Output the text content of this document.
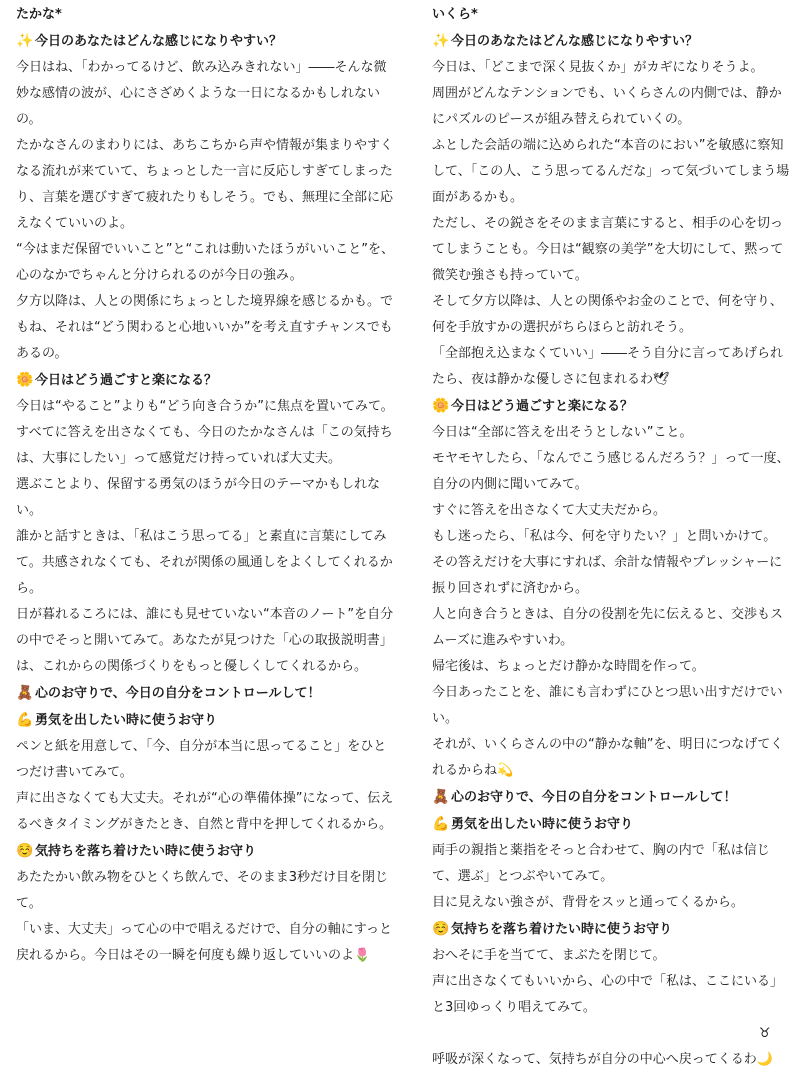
たかな*

✨ 今日のあなたはどんな感じになりやすい？

今日はね、「わかってるけど、飲み込みきれない」――そんな微妙な感情の波が、心にさざめくような一日になるかもしれないの。

たかなさんのまわりには、あちこちから声や情報が集まりやすくなる流れが来ていて、ちょっとした一言に反応しすぎてしまったり、言葉を選びすぎて疲れたりもしそう。でも、無理に全部に応えなくていいのよ。

“今はまだ保留でいいこと”と“これは動いたほうがいいこと”を、心のなかでちゃんと分けられるのが今日の強み。

夕方以降は、人との関係にちょっとした境界線を感じるかも。でもね、それは“どう関わると心地いいか”を考え直すチャンスでもあるの。

🌼 今日はどう過ごすと楽になる？

今日は“やること”よりも“どう向き合うか”に焦点を置いてみて。

すべてに答えを出さなくても、今日のたかなさんは「この気持ちは、大事にしたい」って感覚だけ持っていれば大丈夫。

選ぶことより、保留する勇気のほうが今日のテーマかもしれない。

誰かと話すときは、「私はこう思ってる」と素直に言葉にしてみて。共感されなくても、それが関係の風通しをよくしてくれるから。

日が暮れるころには、誰にも見せていない“本音のノート”を自分の中でそっと開いてみて。あなたが見つけた「心の取扱説明書」は、これからの関係づくりをもっと優しくしてくれるから。

🧸 心のお守りで、今日の自分をコントロールして！

💪 勇気を出したい時に使うお守り

ペンと紙を用意して、「今、自分が本当に思ってること」をひとつだけ書いてみて。

声に出さなくても大丈夫。それが“心の準備体操”になって、伝えるべきタイミングがきたとき、自然と背中を押してくれるから。

☺️ 気持ちを落ち着けたい時に使うお守り

あたたかい飲み物をひとくち飲んで、そのまま3秒だけ目を閉じて。

「いま、大丈夫」って心の中で唱えるだけで、自分の軸にすっと戻れるから。今日はその一瞬を何度も繰り返していいのよ🌷

いくら*

✨ 今日のあなたはどんな感じになりやすい？

今日は、「どこまで深く見抜くか」がカギになりそうよ。

周囲がどんなテンションでも、いくらさんの内側では、静かにパズルのピースが組み替えられていくの。

ふとした会話の端に込められた“本音のにおい”を敏感に察知して、「この人、こう思ってるんだな」って気づいてしまう場面があるかも。

ただし、その鋭さをそのまま言葉にすると、相手の心を切ってしまうことも。今日は“観察の美学”を大切にして、黙って微笑む強さも持っていて。

そして夕方以降は、人との関係やお金のことで、何を守り、何を手放すかの選択がちらほらと訪れそう。

「全部抱え込まなくていい」――そう自分に言ってあげられたら、夜は静かな優しさに包まれるわ🕊

🌼 今日はどう過ごすと楽になる？

今日は“全部に答えを出そうとしない”こと。

モヤモヤしたら、「なんでこう感じるんだろう？」って一度、自分の内側に聞いてみて。

すぐに答えを出さなくて大丈夫だから。

もし迷ったら、「私は今、何を守りたい？」と問いかけて。

その答えだけを大事にすれば、余計な情報やプレッシャーに振り回されずに済むから。

人と向き合うときは、自分の役割を先に伝えると、交渉もスムーズに進みやすいわ。

帰宅後は、ちょっとだけ静かな時間を作って。

今日あったことを、誰にも言わずにひとつ思い出すだけでいい。

それが、いくらさんの中の“静かな軸”を、明日につなげてくれるからね💫

🧸 心のお守りで、今日の自分をコントロールして！

💪 勇気を出したい時に使うお守り

両手の親指と薬指をそっと合わせて、胸の内で「私は信じて、選ぶ」とつぶやいてみて。

目に見えない強さが、背骨をスッと通ってくるから。

☺️ 気持ちを落ち着けたい時に使うお守り

おへそに手を当てて、まぶたを閉じて。

声に出さなくてもいいから、心の中で「私は、ここにいる」と3回ゆっくり唱えてみて。

呼吸が深くなって、気持ちが自分の中心へ戻ってくるわ♉🌙
